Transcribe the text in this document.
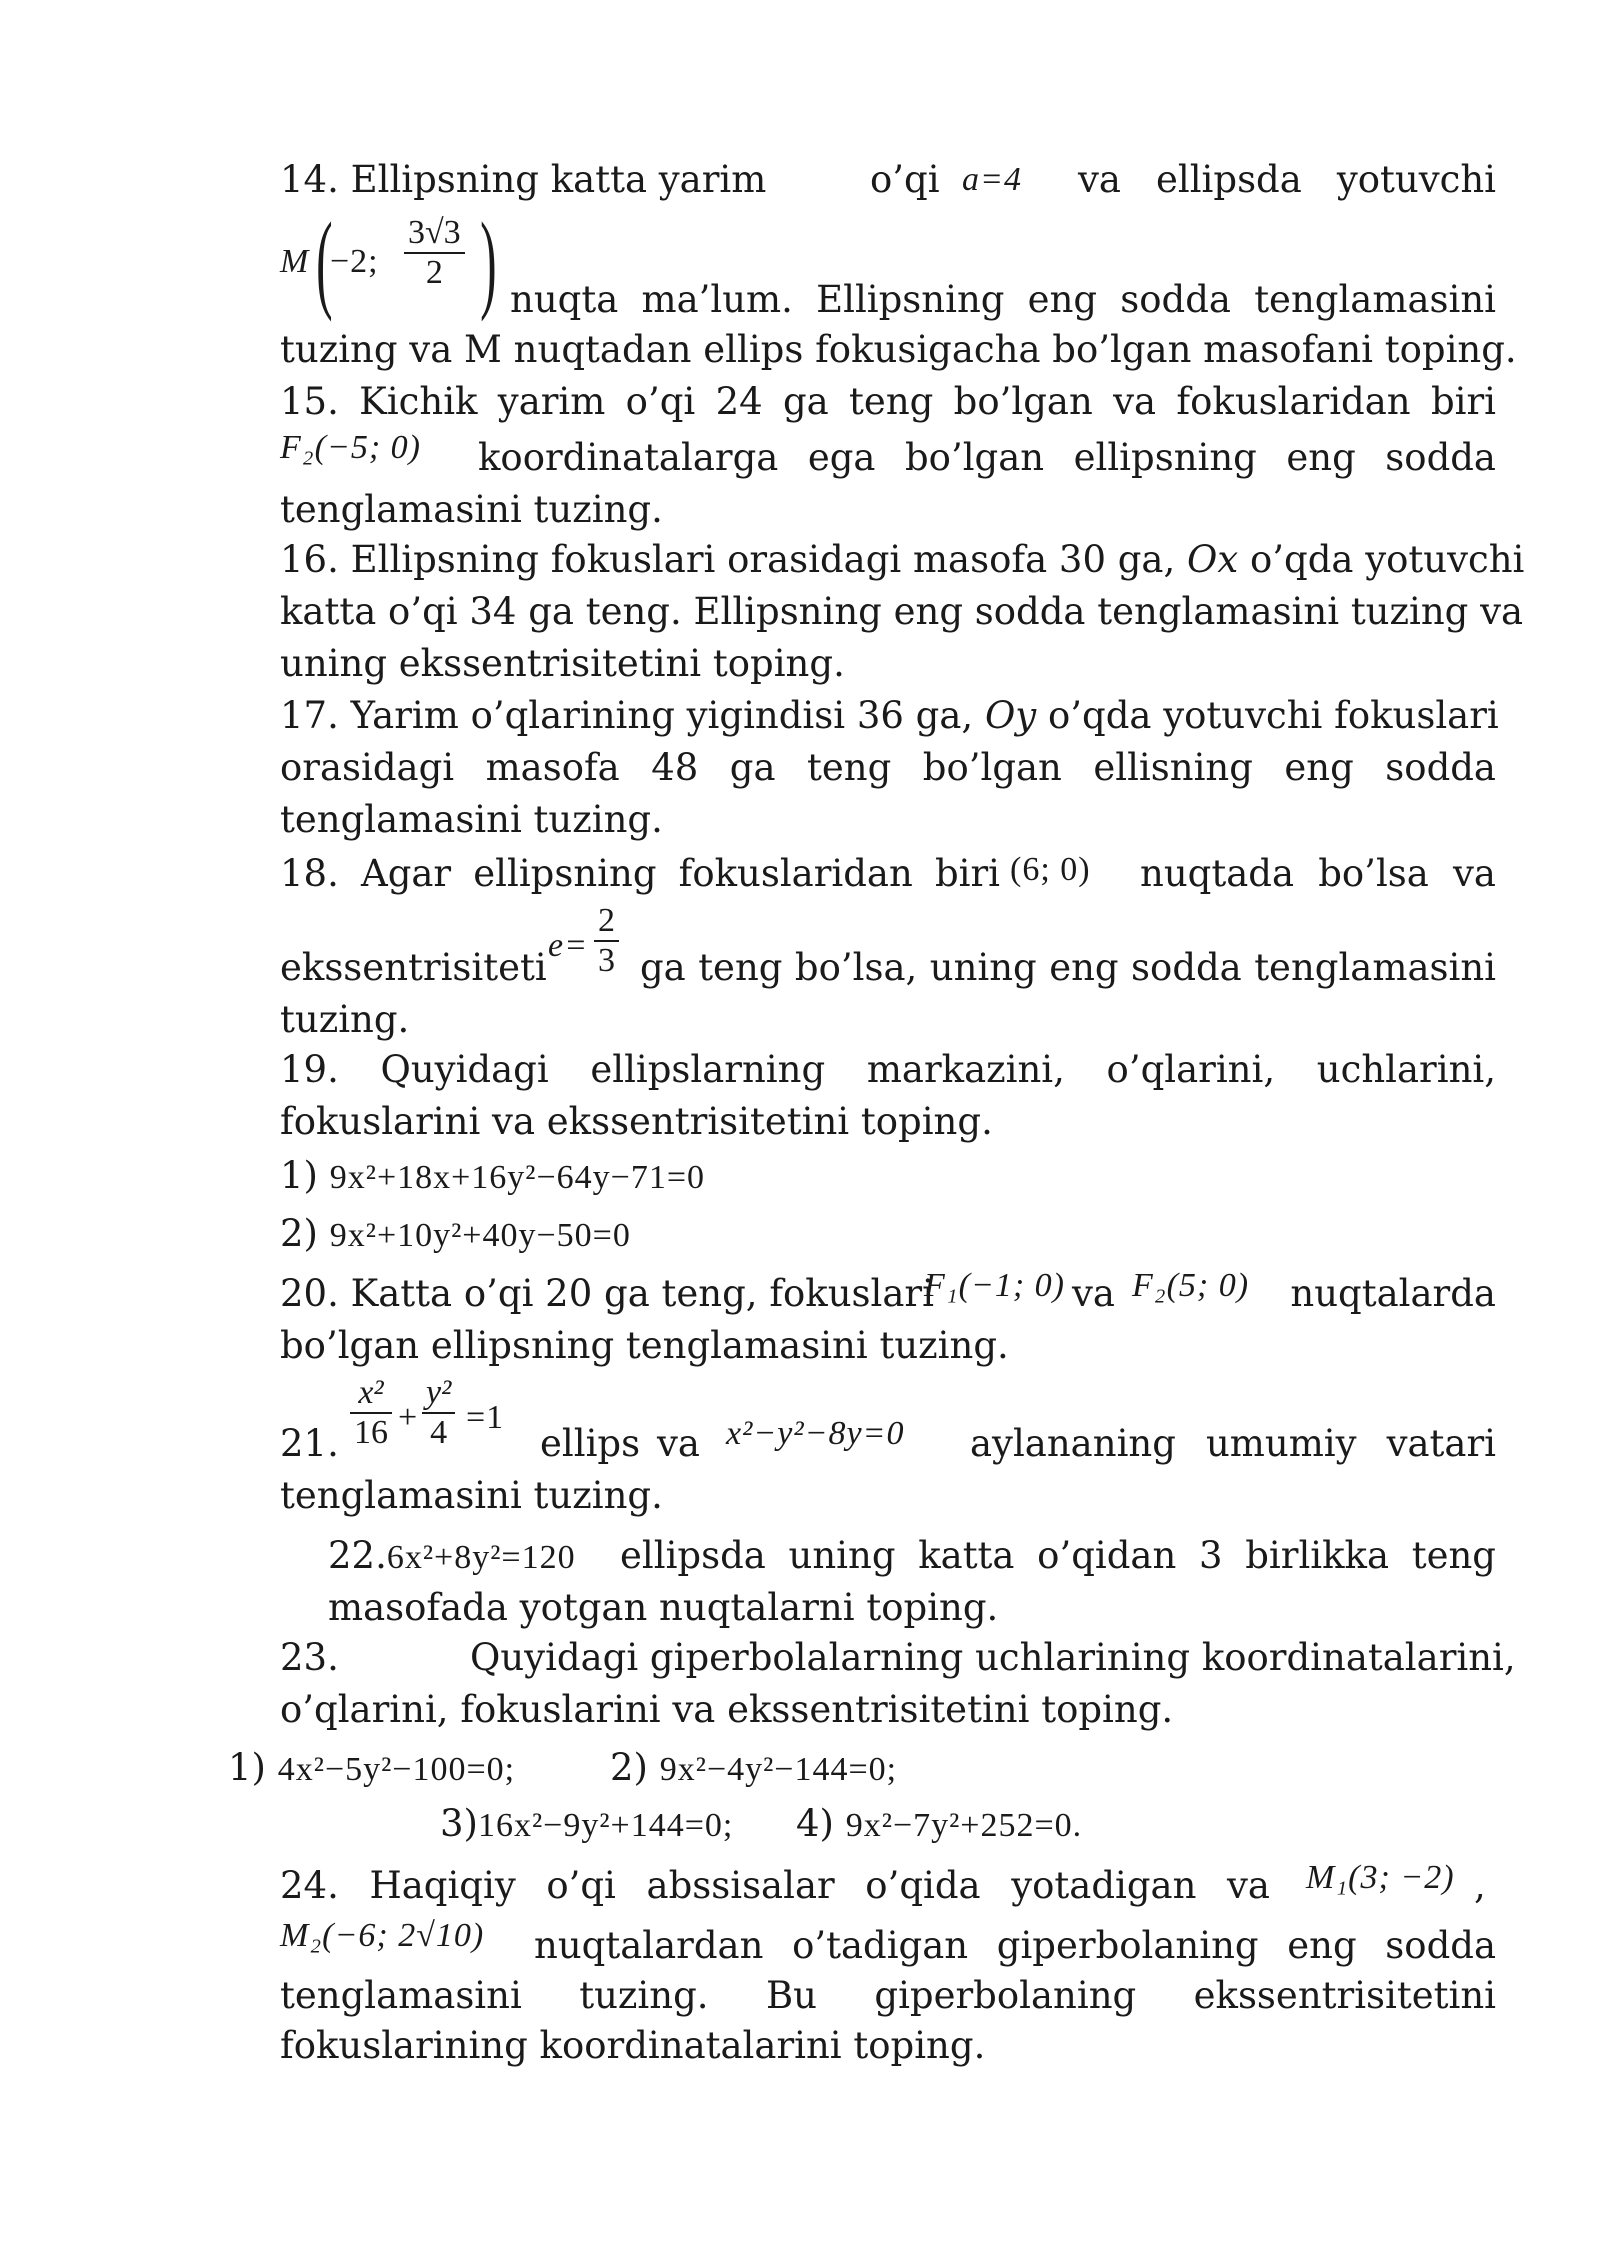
14. Ellipsning katta yarim	o’qi a=4	va ellipsda yotuvchi
M (
−2; $\frac{3√3}{2}$ ) nuqta ma’lum. Ellipsning eng sodda tenglamasini
tuzing va M nuqtadan ellips fokusigacha bo’lgan masofani toping.
15. Kichik yarim o’qi 24 ga teng bo’lgan va fokuslaridan biri
F₂(−5; 0)	koordinatalarga ega bo’lgan ellipsning eng sodda
tenglamasini tuzing.
16. Ellipsning fokuslari orasidagi masofa 30 ga, Ox o’qda yotuvchi
katta o’qi 34 ga teng. Ellipsning eng sodda tenglamasini tuzing va
uning ekssentrisitetini toping.
17. Yarim o’qlarining yigindisi 36 ga, Oy o’qda yotuvchi fokuslari
orasidagi masofa 48 ga teng bo’lgan ellisning eng sodda
tenglamasini tuzing.
18. Agar ellipsning fokuslaridan biri (6; 0)	nuqtada bo’lsa va
$e= \frac{2}{3}$
ekssentrisiteti	ga teng bo’lsa, uning eng sodda tenglamasini
tuzing.
19. Quyidagi ellipslarning markazini, o’qlarini, uchlarini,
fokuslarini va ekssentrisitetini toping.
1) 9x²+18x+16y²−64y−71=0
2) 9x²+10y²+40y−50=0
20. Katta o’qi 20 ga teng, fokuslari
F₁(−1; 0) va F₂(5; 0)	nuqtalarda
bo’lgan ellipsning tenglamasini tuzing.
21. $\frac{\text{x²}}{16} + \frac{\text{y²}}{4} =1$
ellips va x²−y²−8y=0	aylananing umumiy vatari
tenglamasini tuzing.
22.6x²+8y²=120	ellipsda uning katta o’qidan 3 birlikka teng
masofada yotgan nuqtalarni toping.
23.	Quyidagi giperbolalarning uchlarining koordinatalarini,
o’qlarini, fokuslarini va ekssentrisitetini toping.
1) 4x²−5y²−100=0;	2) 9x²−4y²−144=0;
3)16x²−9y²+144=0;	4) 9x²−7y²+252=0.
24. Haqiqiy o’qi abssisalar o’qida yotadigan va M₁(3; −2) ,
M₂(−6; 2√10)	nuqtalardan o’tadigan giperbolaning eng sodda
tenglamasini tuzing. Bu giperbolaning ekssentrisitetini
fokuslarining koordinatalarini toping.
